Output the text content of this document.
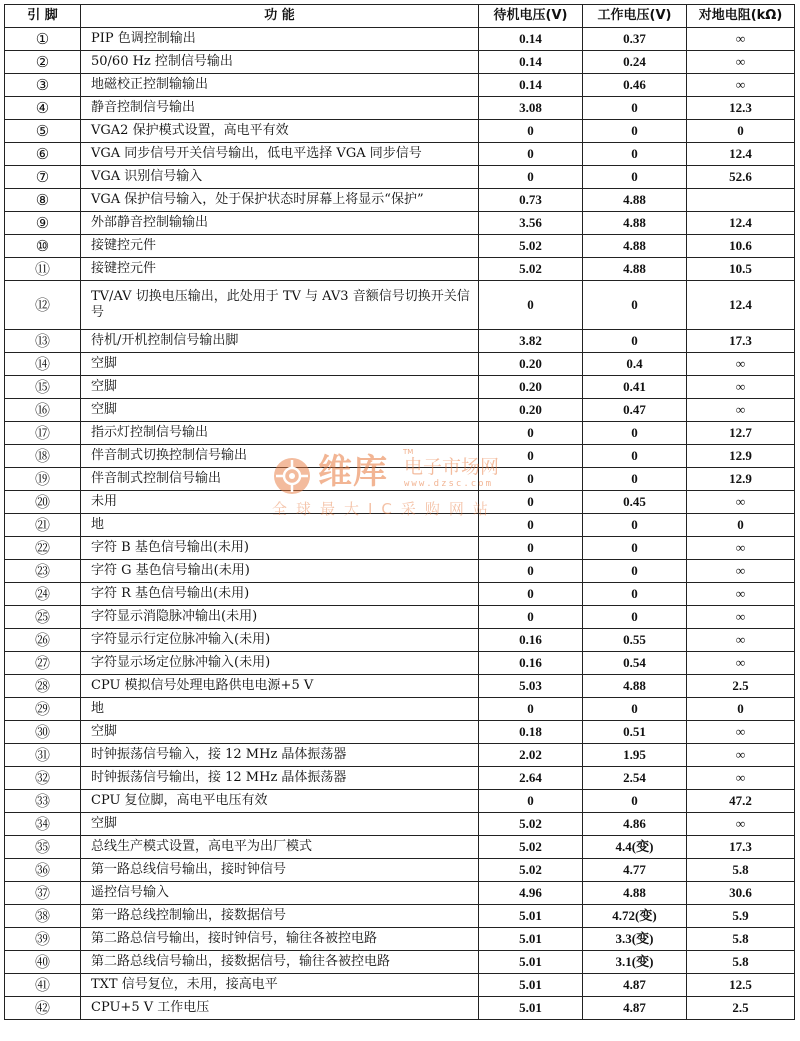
引 脚	功 能	待机电压(V)	工作电压(V)	对地电阻(kΩ)
①	PIP 色调控制输出	0.14	0.37	∞
②	50/60 Hz 控制信号输出	0.14	0.24	∞
③	地磁校正控制输输出	0.14	0.46	∞
④	静音控制信号输出	3.08	0	12.3
⑤	VGA2 保护模式设置，高电平有效	0	0	0
⑥	VGA 同步信号开关信号输出，低电平选择 VGA 同步信号	0	0	12.4
⑦	VGA 识别信号输入	0	0	52.6
⑧	VGA 保护信号输入，处于保护状态时屏幕上将显示“保护”	0.73	4.88	
⑨	外部静音控制输输出	3.56	4.88	12.4
⑩	接键控元件	5.02	4.88	10.6
⑪	接键控元件	5.02	4.88	10.5
⑫	TV/AV 切换电压输出，此处用于 TV 与 AV3 音额信号切换开关信号	0	0	12.4
⑬	待机/开机控制信号输出脚	3.82	0	17.3
⑭	空脚	0.20	0.4	∞
⑮	空脚	0.20	0.41	∞
⑯	空脚	0.20	0.47	∞
⑰	指示灯控制信号输出	0	0	12.7
⑱	伴音制式切换控制信号输出	0	0	12.9
⑲	伴音制式控制信号输出	0	0	12.9
⑳	未用	0	0.45	∞
㉑	地	0	0	0
㉒	字符 B 基色信号输出(未用)	0	0	∞
㉓	字符 G 基色信号输出(未用)	0	0	∞
㉔	字符 R 基色信号输出(未用)	0	0	∞
㉕	字符显示消隐脉冲输出(未用)	0	0	∞
㉖	字符显示行定位脉冲输入(未用)	0.16	0.55	∞
㉗	字符显示场定位脉冲输入(未用)	0.16	0.54	∞
㉘	CPU 模拟信号处理电路供电电源+5 V	5.03	4.88	2.5
㉙	地	0	0	0
㉚	空脚	0.18	0.51	∞
㉛	时钟振荡信号输入，接 12 MHz 晶体振荡器	2.02	1.95	∞
㉜	时钟振荡信号输出，接 12 MHz 晶体振荡器	2.64	2.54	∞
㉝	CPU 复位脚，高电平电压有效	0	0	47.2
㉞	空脚	5.02	4.86	∞
㉟	总线生产模式设置，高电平为出厂模式	5.02	4.4(变)	17.3
㊱	第一路总线信号输出，接时钟信号	5.02	4.77	5.8
㊲	遥控信号输入	4.96	4.88	30.6
㊳	第一路总线控制输出，接数据信号	5.01	4.72(变)	5.9
㊴	第二路总信号输出，接时钟信号，输往各被控电路	5.01	3.3(变)	5.8
㊵	第二路总线信号输出，接数据信号，输往各被控电路	5.01	3.1(变)	5.8
㊶	TXT 信号复位，未用，接高电平	5.01	4.87	12.5
㊷	CPU+5 V 工作电压	5.01	4.87	2.5
维库 TM
电子市场网
www.dzsc.com
全球最大IC采购网站
